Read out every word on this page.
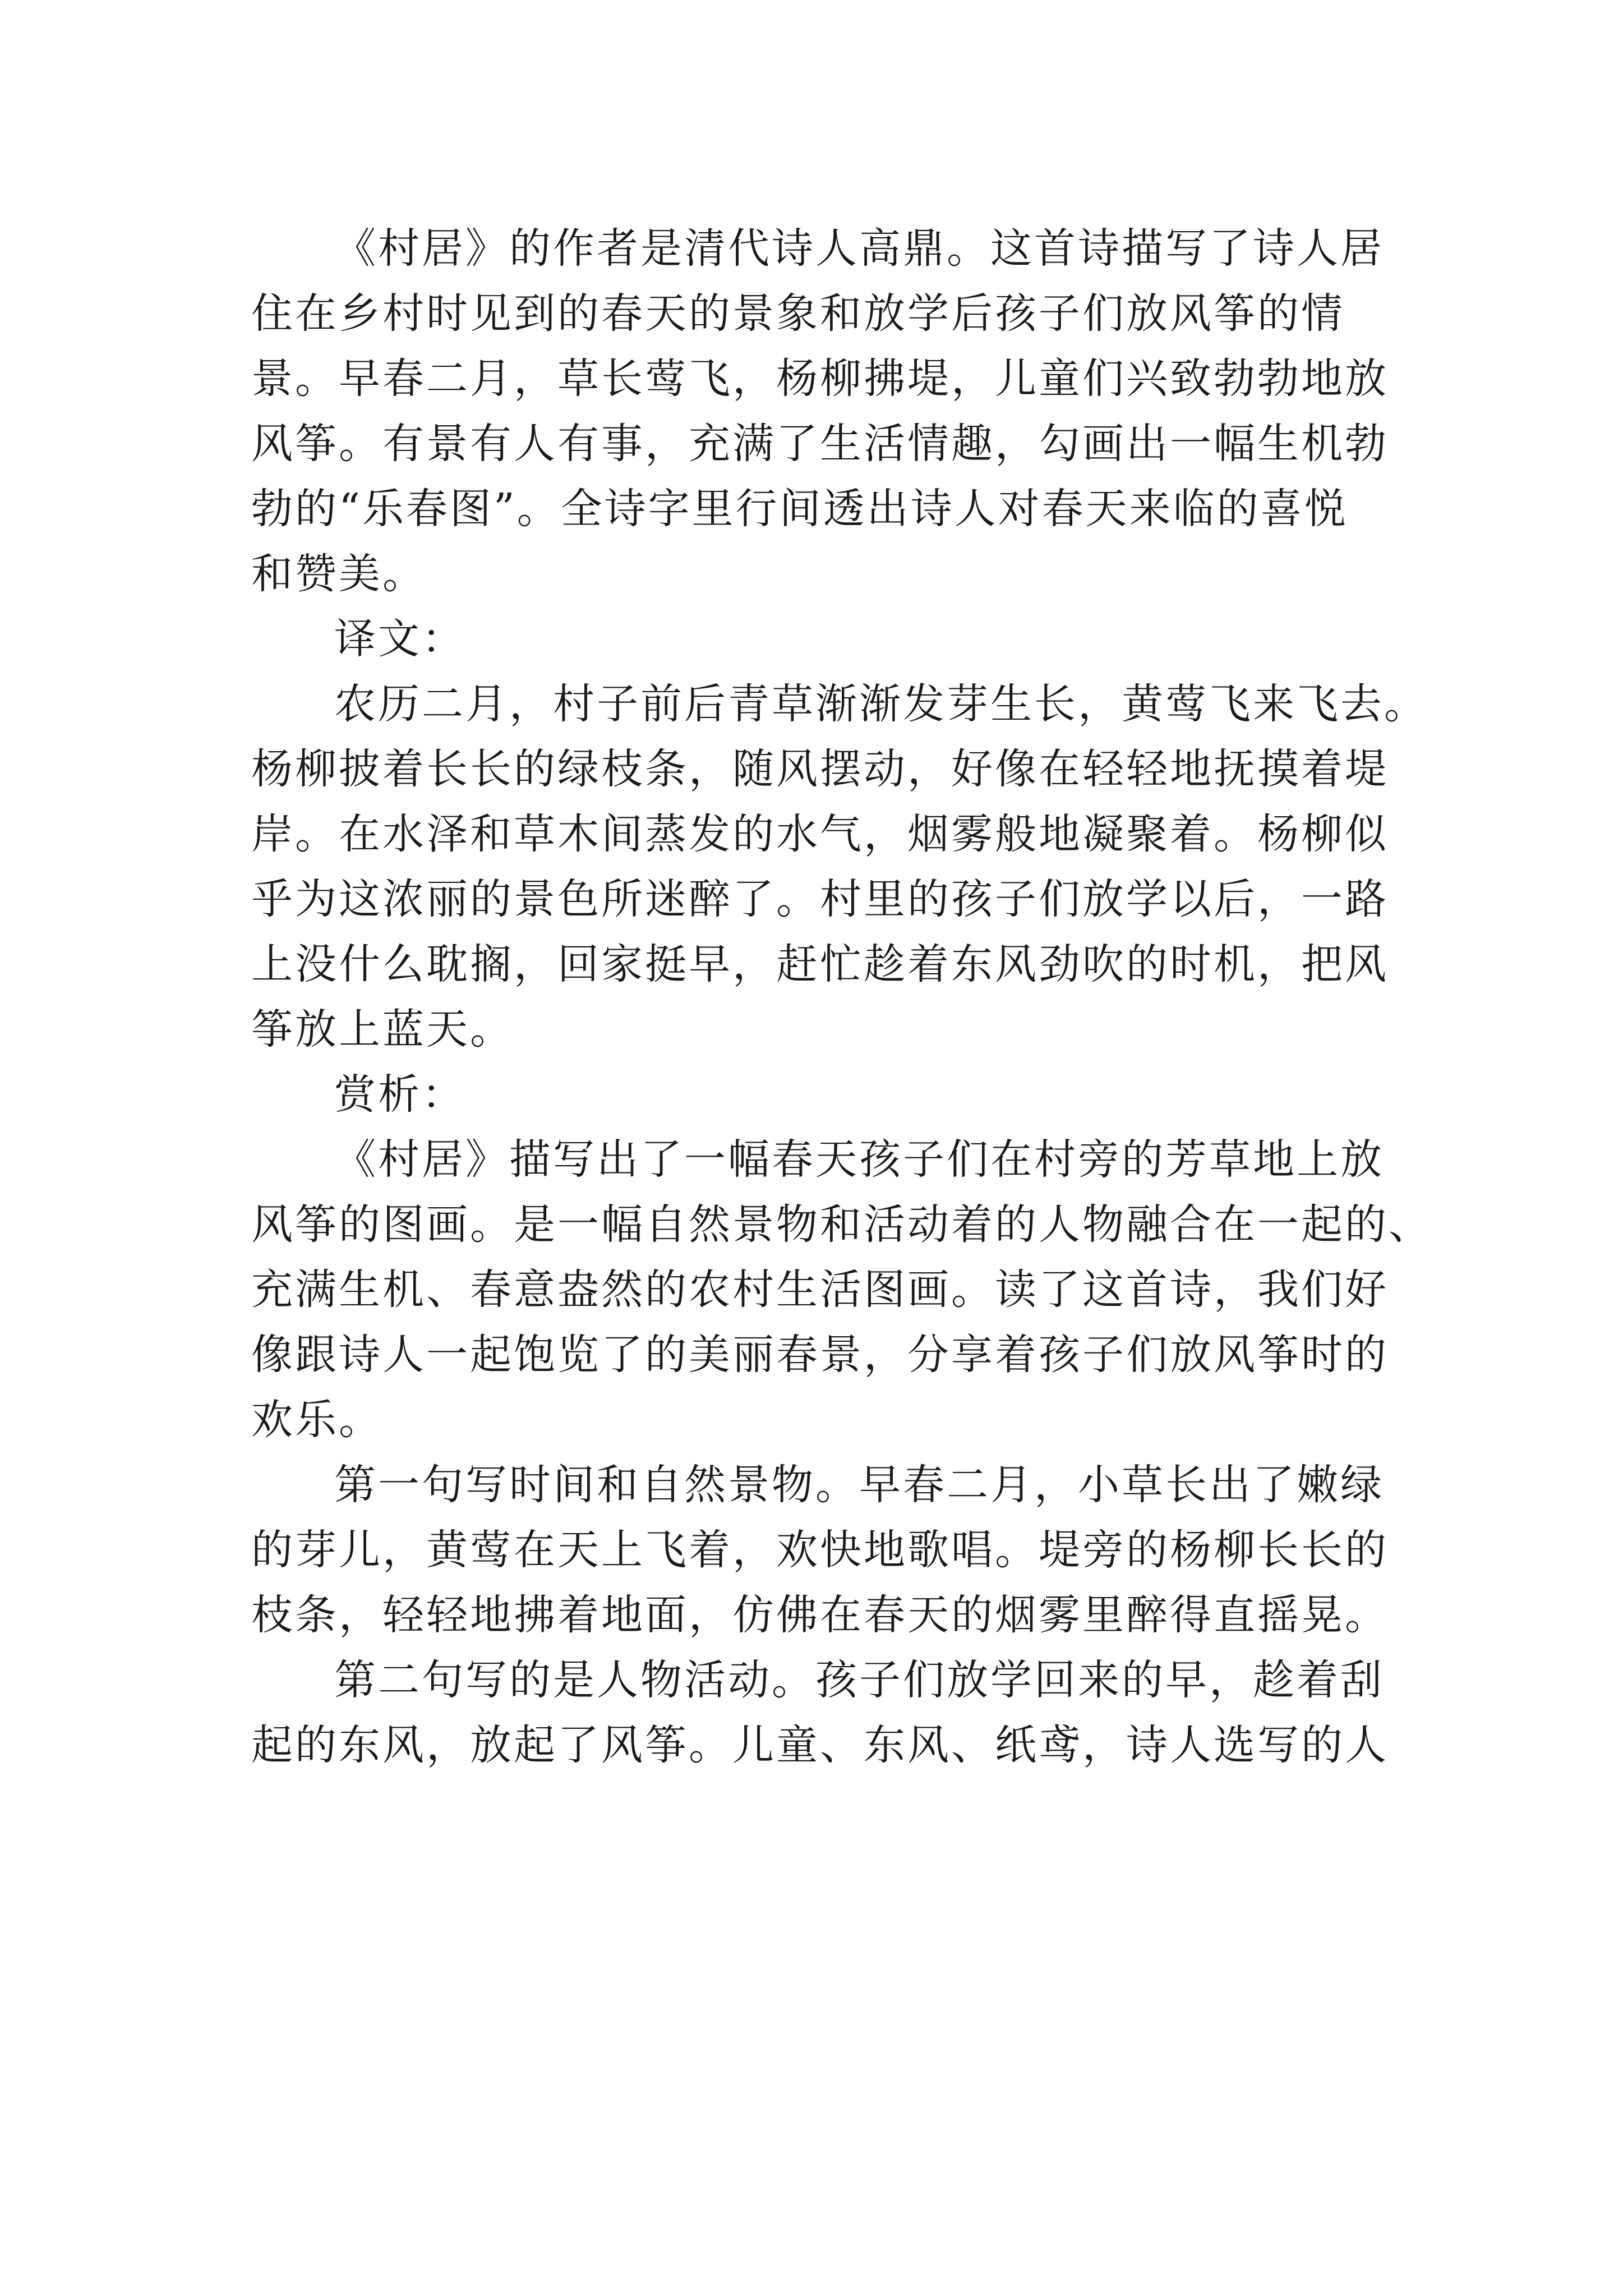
《村居》的作者是清代诗人高鼎。这首诗描写了诗人居
住在乡村时见到的春天的景象和放学后孩子们放风筝的情
景。早春二月，草长莺飞，杨柳拂堤，儿童们兴致勃勃地放
风筝。有景有人有事，充满了生活情趣，勾画出一幅生机勃
勃的“乐春图”。全诗字里行间透出诗人对春天来临的喜悦
和赞美。
译文：
农历二月，村子前后青草渐渐发芽生长，黄莺飞来飞去。
杨柳披着长长的绿枝条，随风摆动，好像在轻轻地抚摸着堤
岸。在水泽和草木间蒸发的水气，烟雾般地凝聚着。杨柳似
乎为这浓丽的景色所迷醉了。村里的孩子们放学以后，一路
上没什么耽搁，回家挺早，赶忙趁着东风劲吹的时机，把风
筝放上蓝天。
赏析：
《村居》描写出了一幅春天孩子们在村旁的芳草地上放
风筝的图画。是一幅自然景物和活动着的人物融合在一起的、
充满生机、春意盎然的农村生活图画。读了这首诗，我们好
像跟诗人一起饱览了的美丽春景，分享着孩子们放风筝时的
欢乐。
第一句写时间和自然景物。早春二月，小草长出了嫩绿
的芽儿，黄莺在天上飞着，欢快地歌唱。堤旁的杨柳长长的
枝条，轻轻地拂着地面，仿佛在春天的烟雾里醉得直摇晃。
第二句写的是人物活动。孩子们放学回来的早，趁着刮
起的东风，放起了风筝。儿童、东风、纸鸢，诗人选写的人
